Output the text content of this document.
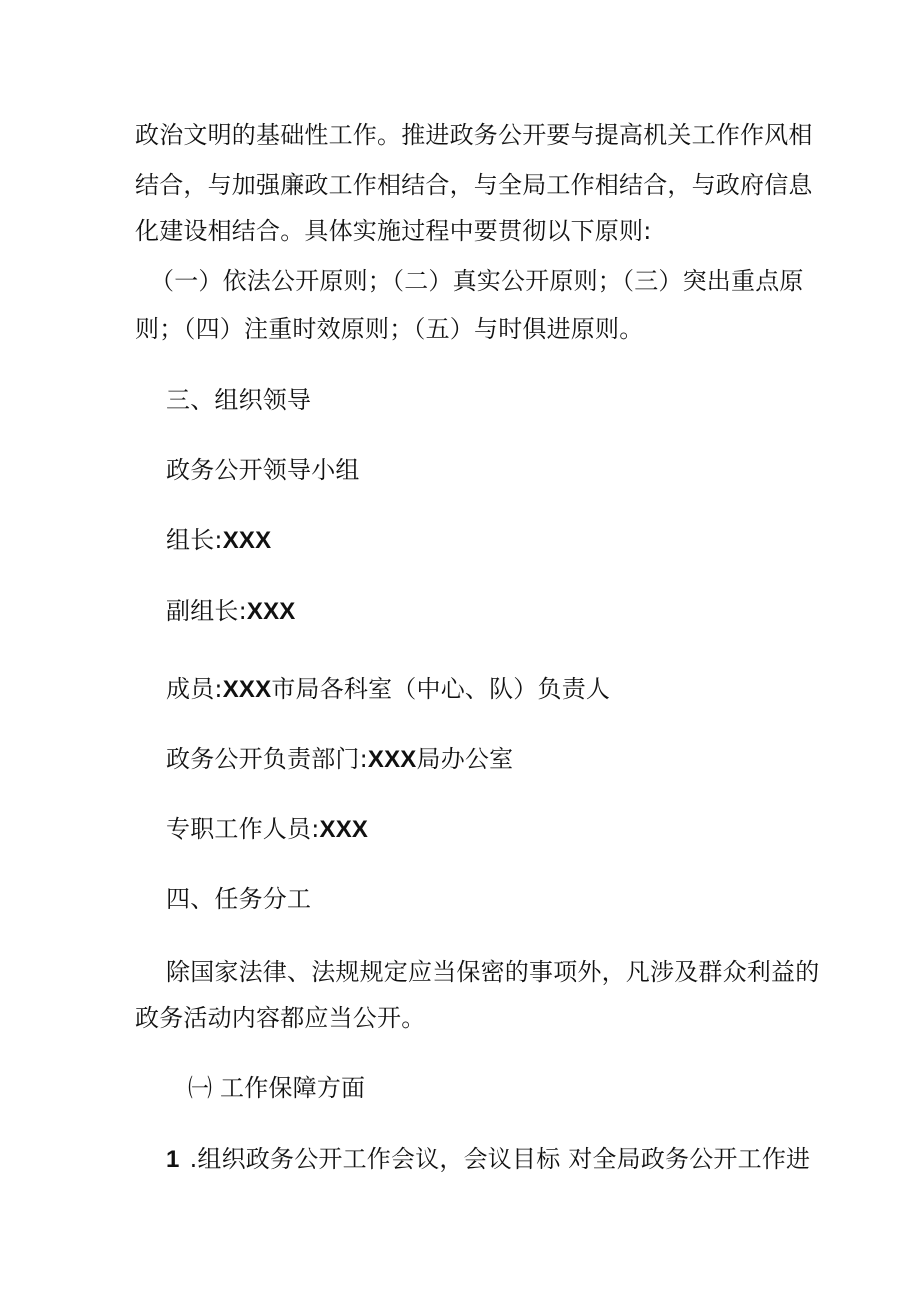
政治文明的基础性工作。推进政务公开要与提高机关工作作风相
结合，与加强廉政工作相结合，与全局工作相结合，与政府信息
化建设相结合。具体实施过程中要贯彻以下原则:
（一）依法公开原则；（二）真实公开原则；（三）突出重点原
则；（四）注重时效原则；（五）与时俱进原则。
三、组织领导
政务公开领导小组
组长:XXX
副组长:XXX
成员:XXX市局各科室（中心、队）负责人
政务公开负责部门:XXX局办公室
专职工作人员:XXX
四、任务分工
除国家法律、法规规定应当保密的事项外，凡涉及群众利益的
政务活动内容都应当公开。
㈠ 工作保障方面
1 .组织政务公开工作会议，会议目标 对全局政务公开工作进
